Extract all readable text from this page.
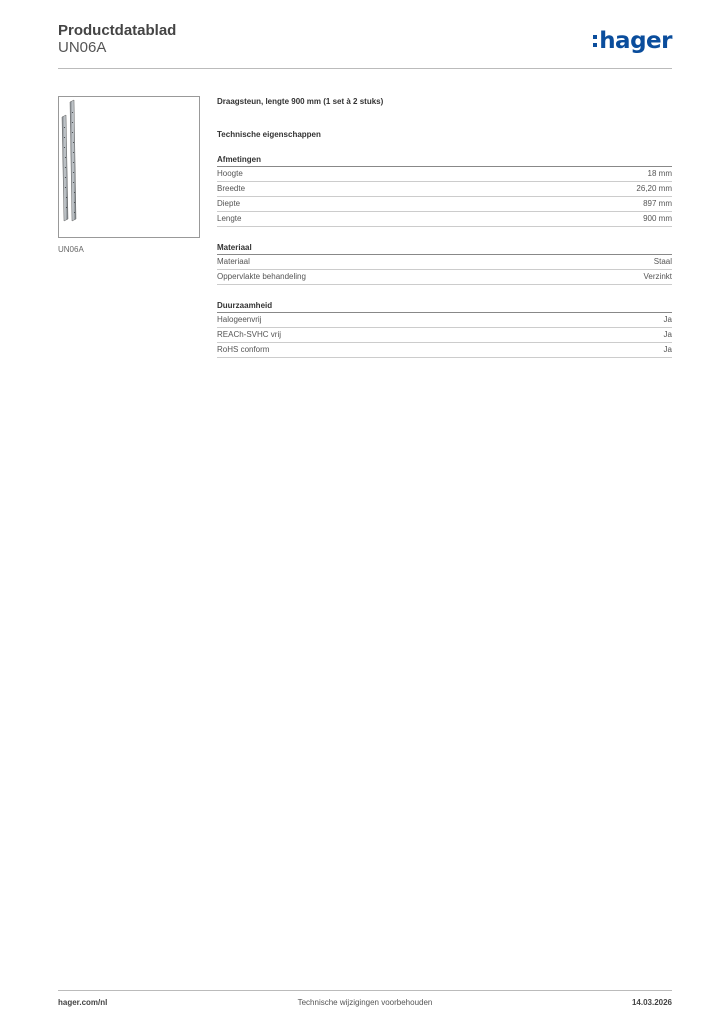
Productdatablad
UN06A	hager
UN06A
Draagsteun, lengte 900 mm (1 set à 2 stuks)
Technische eigenschappen
Afmetingen
Hoogte	18 mm
Breedte	26,20 mm
Diepte	897 mm
Lengte	900 mm
Materiaal
Materiaal	Staal
Oppervlakte behandeling	Verzinkt
Duurzaamheid
Halogeenvrij	Ja
REACh-SVHC vrij	Ja
RoHS conform	Ja
hager.com/nl	Technische wijzigingen voorbehouden	14.03.2026
